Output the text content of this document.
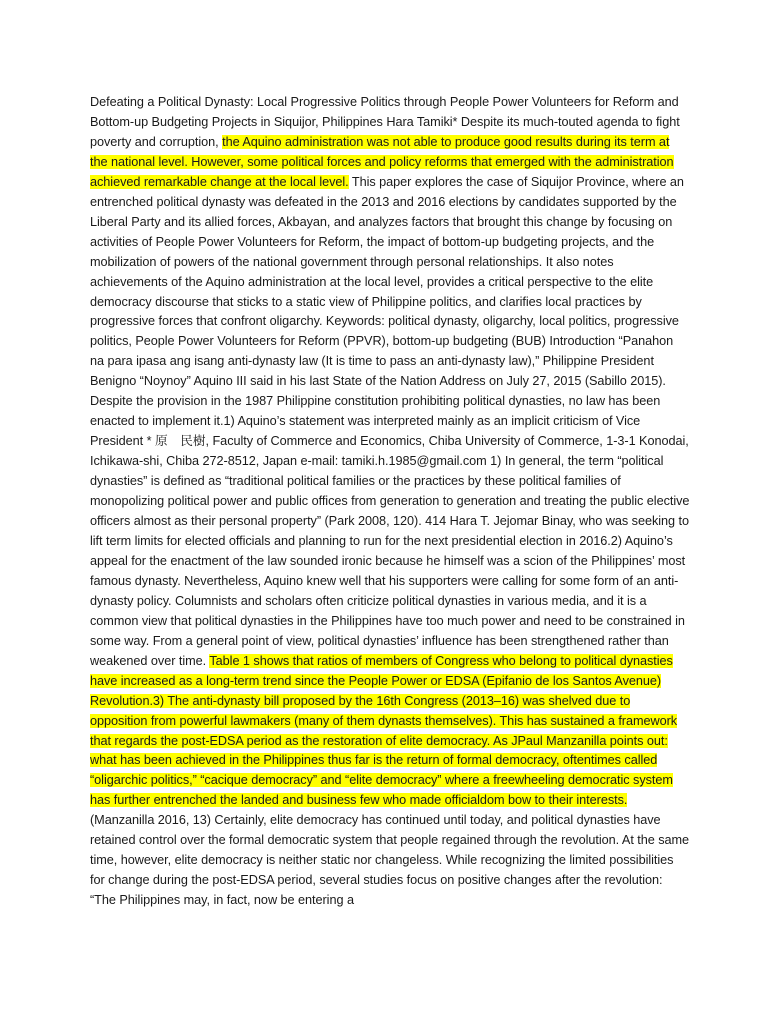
Defeating a Political Dynasty: Local Progressive Politics through People Power Volunteers for Reform and Bottom-up Budgeting Projects in Siquijor, Philippines Hara Tamiki* Despite its much-touted agenda to fight poverty and corruption, the Aquino administration was not able to produce good results during its term at the national level. However, some political forces and policy reforms that emerged with the administration achieved remarkable change at the local level. This paper explores the case of Siquijor Province, where an entrenched political dynasty was defeated in the 2013 and 2016 elections by candidates supported by the Liberal Party and its allied forces, Akbayan, and analyzes factors that brought this change by focusing on activities of People Power Volunteers for Reform, the impact of bottom-up budgeting projects, and the mobilization of powers of the national government through personal relationships. It also notes achievements of the Aquino administration at the local level, provides a critical perspective to the elite democracy discourse that sticks to a static view of Philippine politics, and clarifies local practices by progressive forces that confront oligarchy. Keywords: political dynasty, oligarchy, local politics, progressive politics, People Power Volunteers for Reform (PPVR), bottom-up budgeting (BUB) Introduction “Panahon na para ipasa ang isang anti-dynasty law (It is time to pass an anti-dynasty law),” Philippine President Benigno “Noynoy” Aquino III said in his last State of the Nation Address on July 27, 2015 (Sabillo 2015). Despite the provision in the 1987 Philippine constitution prohibiting political dynasties, no law has been enacted to implement it.1) Aquino’s statement was interpreted mainly as an implicit criticism of Vice President * 原　民樹, Faculty of Commerce and Economics, Chiba University of Commerce, 1-3-1 Konodai, Ichikawa-shi, Chiba 272-8512, Japan e-mail: tamiki.h.1985@gmail.com 1) In general, the term “political dynasties” is defined as “traditional political families or the practices by these political families of monopolizing political power and public offices from generation to generation and treating the public elective officers almost as their personal property” (Park 2008, 120). 414 Hara T. Jejomar Binay, who was seeking to lift term limits for elected officials and planning to run for the next presidential election in 2016.2) Aquino’s appeal for the enactment of the law sounded ironic because he himself was a scion of the Philippines’ most famous dynasty. Nevertheless, Aquino knew well that his supporters were calling for some form of an anti-dynasty policy. Columnists and scholars often criticize political dynasties in various media, and it is a common view that political dynasties in the Philippines have too much power and need to be constrained in some way. From a general point of view, political dynasties’ influence has been strengthened rather than weakened over time. Table 1 shows that ratios of members of Congress who belong to political dynasties have increased as a long-term trend since the People Power or EDSA (Epifanio de los Santos Avenue) Revolution.3) The anti-dynasty bill proposed by the 16th Congress (2013–16) was shelved due to opposition from powerful lawmakers (many of them dynasts themselves). This has sustained a framework that regards the post-EDSA period as the restoration of elite democracy. As JPaul Manzanilla points out: what has been achieved in the Philippines thus far is the return of formal democracy, oftentimes called “oligarchic politics,” “cacique democracy” and “elite democracy” where a freewheeling democratic system has further entrenched the landed and business few who made officialdom bow to their interests. (Manzanilla 2016, 13) Certainly, elite democracy has continued until today, and political dynasties have retained control over the formal democratic system that people regained through the revolution. At the same time, however, elite democracy is neither static nor changeless. While recognizing the limited possibilities for change during the post-EDSA period, several studies focus on positive changes after the revolution: “The Philippines may, in fact, now be entering a
